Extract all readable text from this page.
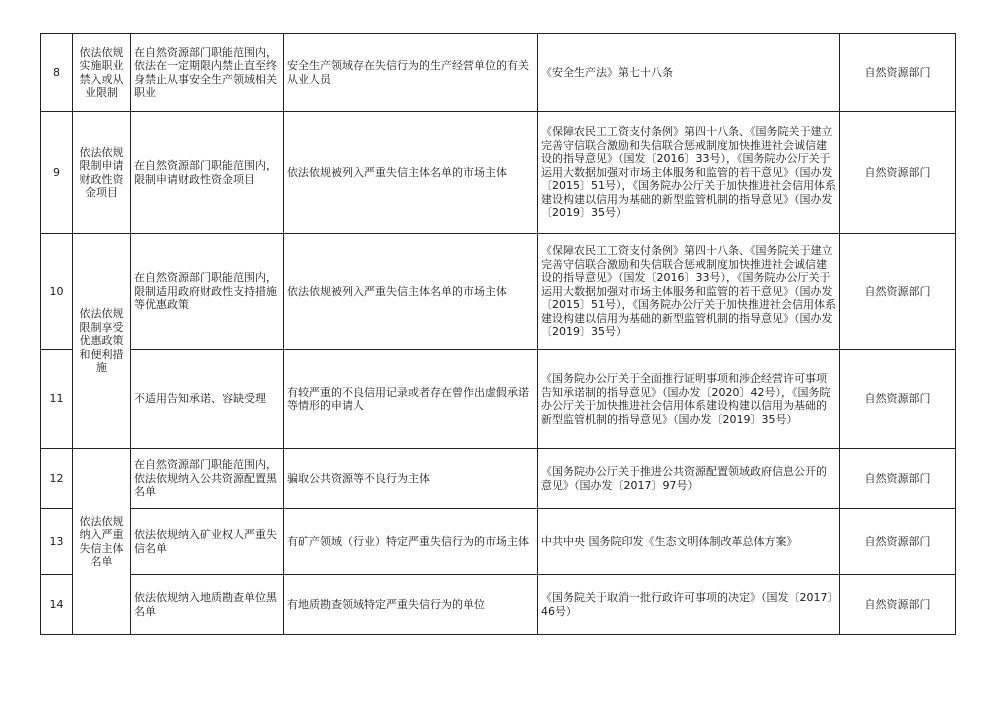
8	依法依规实施职业禁入或从业限制	在自然资源部门职能范围内，依法在一定期限内禁止直至终身禁止从事安全生产领域相关职业	安全生产领域存在失信行为的生产经营单位的有关从业人员	《安全生产法》第七十八条	自然资源部门
9	依法依规限制申请财政性资金项目	在自然资源部门职能范围内，限制申请财政性资金项目	依法依规被列入严重失信主体名单的市场主体	《保障农民工工资支付条例》第四十八条、《国务院关于建立完善守信联合激励和失信联合惩戒制度加快推进社会诚信建设的指导意见》（国发〔2016〕33号），《国务院办公厅关于运用大数据加强对市场主体服务和监管的若干意见》（国办发〔2015〕51号），《国务院办公厅关于加快推进社会信用体系建设构建以信用为基础的新型监管机制的指导意见》（国办发〔2019〕35号）	自然资源部门
10	依法依规限制享受优惠政策和便利措施	在自然资源部门职能范围内，限制适用政府财政性支持措施等优惠政策	依法依规被列入严重失信主体名单的市场主体	《保障农民工工资支付条例》第四十八条、《国务院关于建立完善守信联合激励和失信联合惩戒制度加快推进社会诚信建设的指导意见》（国发〔2016〕33号），《国务院办公厅关于运用大数据加强对市场主体服务和监管的若干意见》（国办发〔2015〕51号），《国务院办公厅关于加快推进社会信用体系建设构建以信用为基础的新型监管机制的指导意见》（国办发〔2019〕35号）	自然资源部门
11		不适用告知承诺、容缺受理	有较严重的不良信用记录或者存在曾作出虚假承诺等情形的申请人	《国务院办公厅关于全面推行证明事项和涉企经营许可事项告知承诺制的指导意见》（国办发〔2020〕42号），《国务院办公厅关于加快推进社会信用体系建设构建以信用为基础的新型监管机制的指导意见》（国办发〔2019〕35号）	自然资源部门
12	依法依规纳入严重失信主体名单	在自然资源部门职能范围内，依法依规纳入公共资源配置黑名单	骗取公共资源等不良行为主体	《国务院办公厅关于推进公共资源配置领域政府信息公开的意见》（国办发〔2017〕97号）	自然资源部门
13		依法依规纳入矿业权人严重失信名单	有矿产领域（行业）特定严重失信行为的市场主体	中共中央 国务院印发《生态文明体制改革总体方案》	自然资源部门
14		依法依规纳入地质勘查单位黑名单	有地质勘查领域特定严重失信行为的单位	《国务院关于取消一批行政许可事项的决定》（国发〔2017〕46号）	自然资源部门
